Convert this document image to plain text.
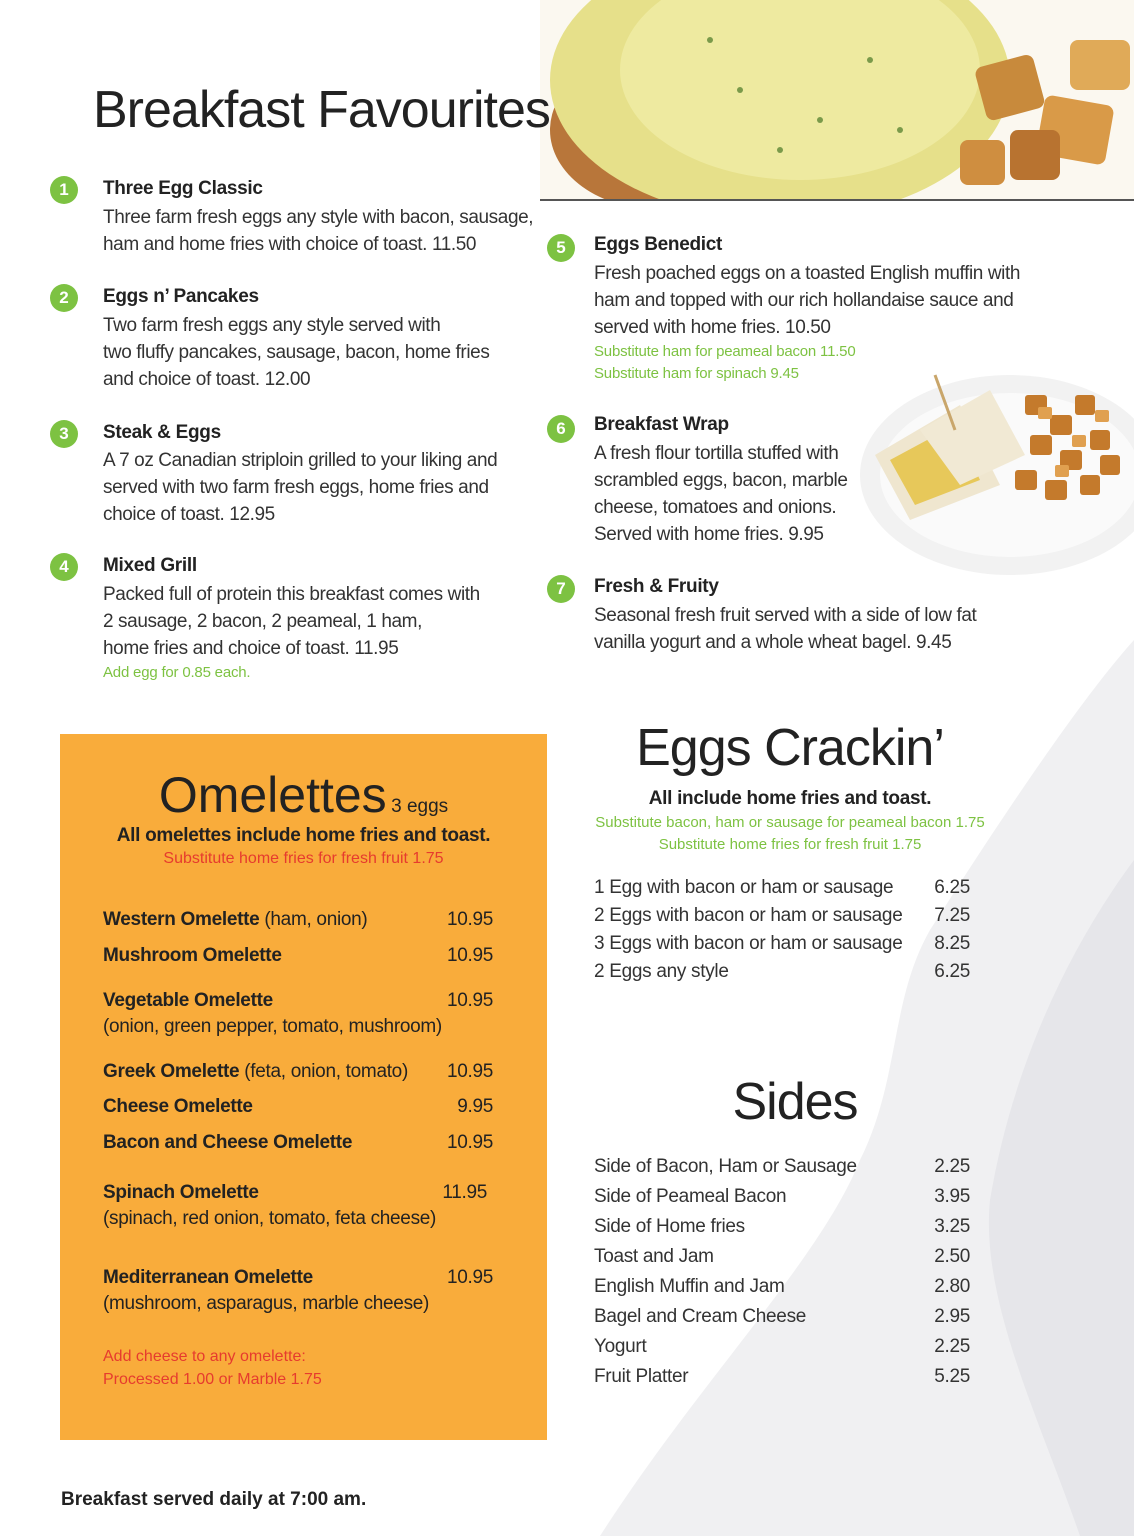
Breakfast Favourites
1	Three Egg Classic
Three farm fresh eggs any style with bacon, sausage,
ham and home fries with choice of toast. 11.50
2	Eggs n’ Pancakes
Two farm fresh eggs any style served with
two fluffy pancakes, sausage, bacon, home fries
and choice of toast. 12.00
3	Steak & Eggs
A 7 oz Canadian striploin grilled to your liking and
served with two farm fresh eggs, home fries and
choice of toast. 12.95
4	Mixed Grill
Packed full of protein this breakfast comes with
2 sausage, 2 bacon, 2 peameal, 1 ham,
home fries and choice of toast. 11.95
Add egg for 0.85 each.
5	Eggs Benedict
Fresh poached eggs on a toasted English muffin with
ham and topped with our rich hollandaise sauce and
served with home fries. 10.50
Substitute ham for peameal bacon 11.50
Substitute ham for spinach 9.45
6	Breakfast Wrap
A fresh flour tortilla stuffed with
scrambled eggs, bacon, marble
cheese, tomatoes and onions.
Served with home fries. 9.95
7	Fresh & Fruity
Seasonal fresh fruit served with a side of low fat
vanilla yogurt and a whole wheat bagel. 9.45
Omelettes 3 eggs
All omelettes include home fries and toast.
Substitute home fries for fresh fruit 1.75
Western Omelette (ham, onion)	10.95
Mushroom Omelette	10.95
Vegetable Omelette
(onion, green pepper, tomato, mushroom)
10.95
Greek Omelette (feta, onion, tomato) 10.95
Cheese Omelette	9.95
Bacon and Cheese Omelette	10.95
Spinach Omelette
(spinach, red onion, tomato, feta cheese)
11.95
Mediterranean Omelette
(mushroom, asparagus, marble cheese)
10.95
Add cheese to any omelette:
Processed 1.00 or Marble 1.75
Eggs Crackin’
All include home fries and toast.
Substitute bacon, ham or sausage for peameal bacon 1.75
Substitute home fries for fresh fruit 1.75
1 Egg with bacon or ham or sausage 6.25
2 Eggs with bacon or ham or sausage 7.25
3 Eggs with bacon or ham or sausage 8.25
2 Eggs any style	6.25
Sides
Side of Bacon, Ham or Sausage	2.25
Side of Peameal Bacon	3.95
Side of Home fries	3.25
Toast and Jam	2.50
English Muffin and Jam	2.80
Bagel and Cream Cheese	2.95
Yogurt	2.25
Fruit Platter	5.25
Breakfast served daily at 7:00 am.
